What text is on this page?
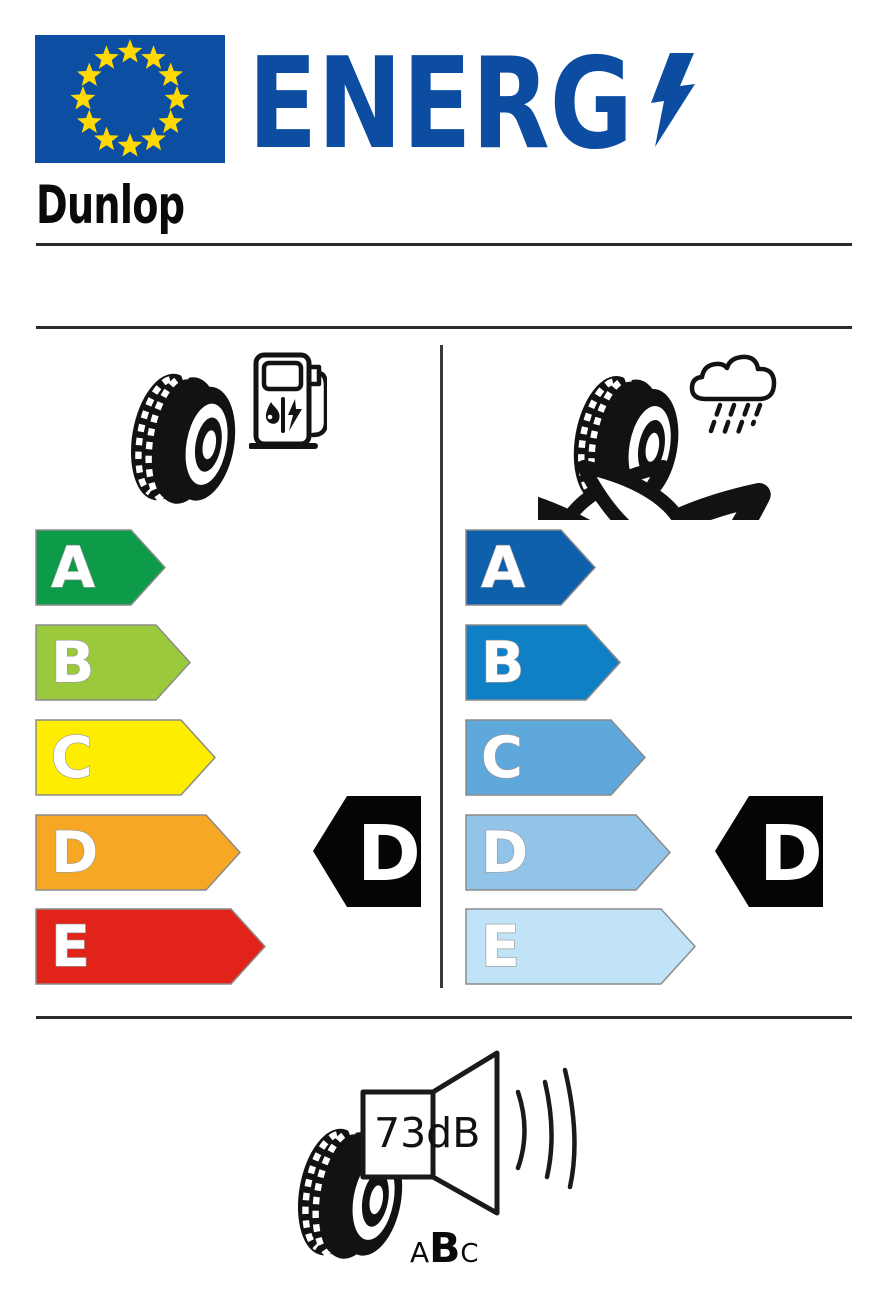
ENERG
Dunlop
A
B
C
D
E
D
A
B
C
D
E
D
73dB
ABC
